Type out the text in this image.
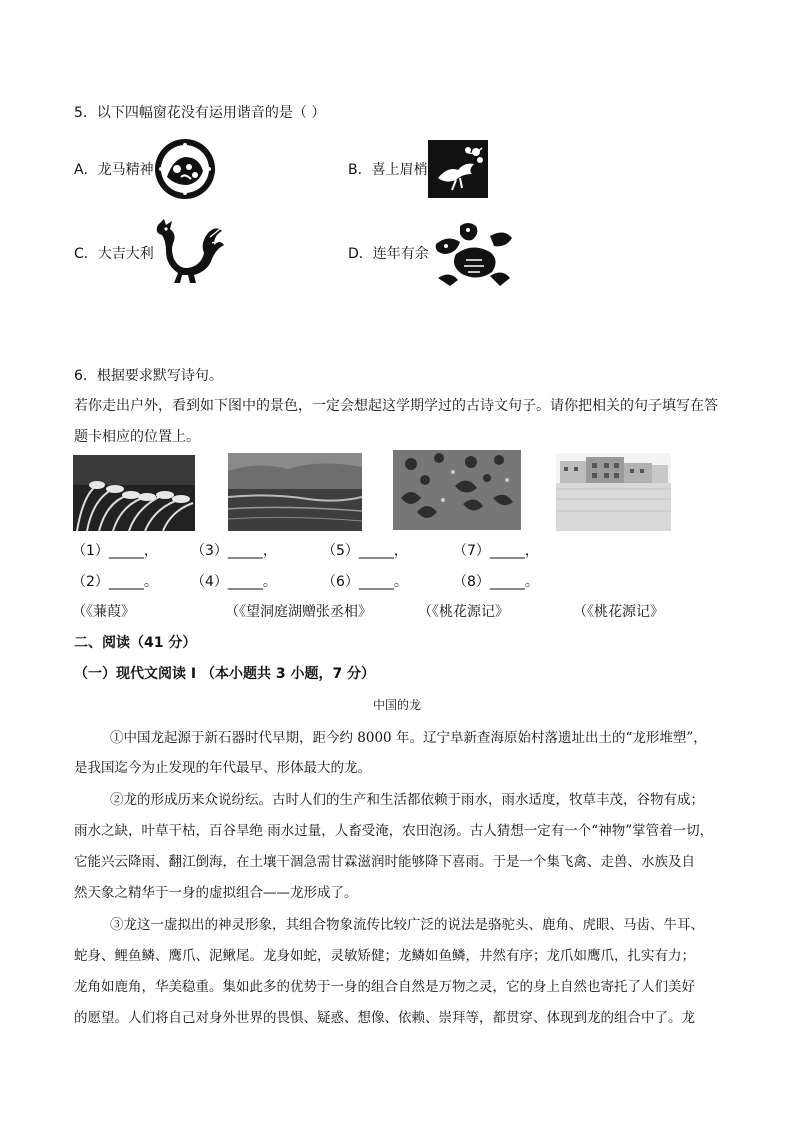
5．以下四幅窗花没有运用谐音的是（ ）
A．龙马精神	B．喜上眉梢
C．大吉大利	D．连年有余
6．根据要求默写诗句。
若你走出户外，看到如下图中的景色，一定会想起这学期学过的古诗文句子。请你把相关的句子填写在答
题卡相应的位置上。
（1）_____， （3）_____，	（5）_____，	（7）_____，
（2）_____。 （4）_____。	（6）_____。	（8）_____。
（《蒹葭》	（《望洞庭湖赠张丞相》	（《桃花源记》	（《桃花源记》
二、阅读（41 分）
（一）现代文阅读 I （本小题共 3 小题，7 分）
中国的龙
①中国龙起源于新石器时代早期，距今约 8000 年。辽宁阜新查海原始村落遗址出土的“龙形堆塑”，
是我国迄今为止发现的年代最早、形体最大的龙。
②龙的形成历来众说纷纭。古时人们的生产和生活都依赖于雨水，雨水适度，牧草丰茂，谷物有成；
雨水之缺，叶草干枯，百谷旱绝 雨水过量，人畜受淹，农田泡汤。古人猜想一定有一个“神物”掌管着一切，
它能兴云降雨、翻江倒海，在土壤干涸急需甘霖滋润时能够降下喜雨。于是一个集飞禽、走兽、水族及自
然天象之精华于一身的虚拟组合——龙形成了。
③龙这一虚拟出的神灵形象，其组合物象流传比较广泛的说法是骆驼头、鹿角、虎眼、马齿、牛耳、
蛇身、鲤鱼鳞、鹰爪、泥鳅尾。龙身如蛇，灵敏矫健；龙鳞如鱼鳞，井然有序；龙爪如鹰爪，扎实有力；
龙角如鹿角，华美稳重。集如此多的优势于一身的组合自然是万物之灵，它的身上自然也寄托了人们美好
的愿望。人们将自己对身外世界的畏惧、疑惑、想像、依赖、崇拜等，都贯穿、体现到龙的组合中了。龙
